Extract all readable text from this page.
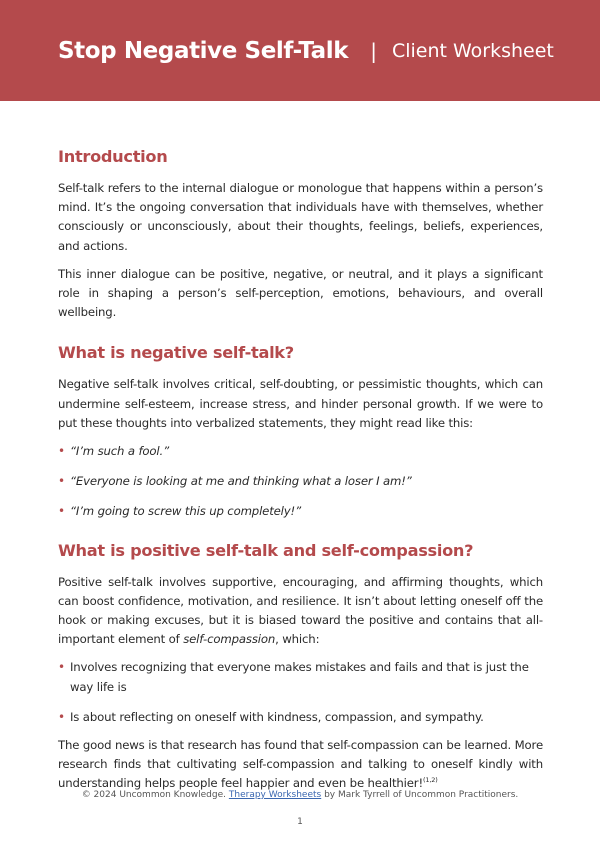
Stop Negative Self-Talk | Client Worksheet
Introduction

Self-talk refers to the internal dialogue or monologue that happens within a person’s mind. It’s the ongoing conversation that individuals have with themselves, whether consciously or unconsciously, about their thoughts, feelings, beliefs, experiences, and actions.

This inner dialogue can be positive, negative, or neutral, and it plays a significant role in shaping a person’s self-perception, emotions, behaviours, and overall wellbeing.

What is negative self-talk?

Negative self-talk involves critical, self-doubting, or pessimistic thoughts, which can undermine self-esteem, increase stress, and hinder personal growth. If we were to put these thoughts into verbalized statements, they might read like this:

• “I’m such a fool.”
• “Everyone is looking at me and thinking what a loser I am!”
• “I’m going to screw this up completely!”
What is positive self-talk and self-compassion?

Positive self-talk involves supportive, encouraging, and affirming thoughts, which can boost confidence, motivation, and resilience. It isn’t about letting oneself off the hook or making excuses, but it is biased toward the positive and contains that all-important element of self-compassion, which:

• Involves recognizing that everyone makes mistakes and fails and that is just the way life is
• Is about reflecting on oneself with kindness, compassion, and sympathy.

The good news is that research has found that self-compassion can be learned. More research finds that cultivating self-compassion and talking to oneself kindly with understanding helps people feel happier and even be healthier!$^{(1,2)}$

© 2024 Uncommon Knowledge. Therapy Worksheets by Mark Tyrrell of Uncommon Practitioners.
1
